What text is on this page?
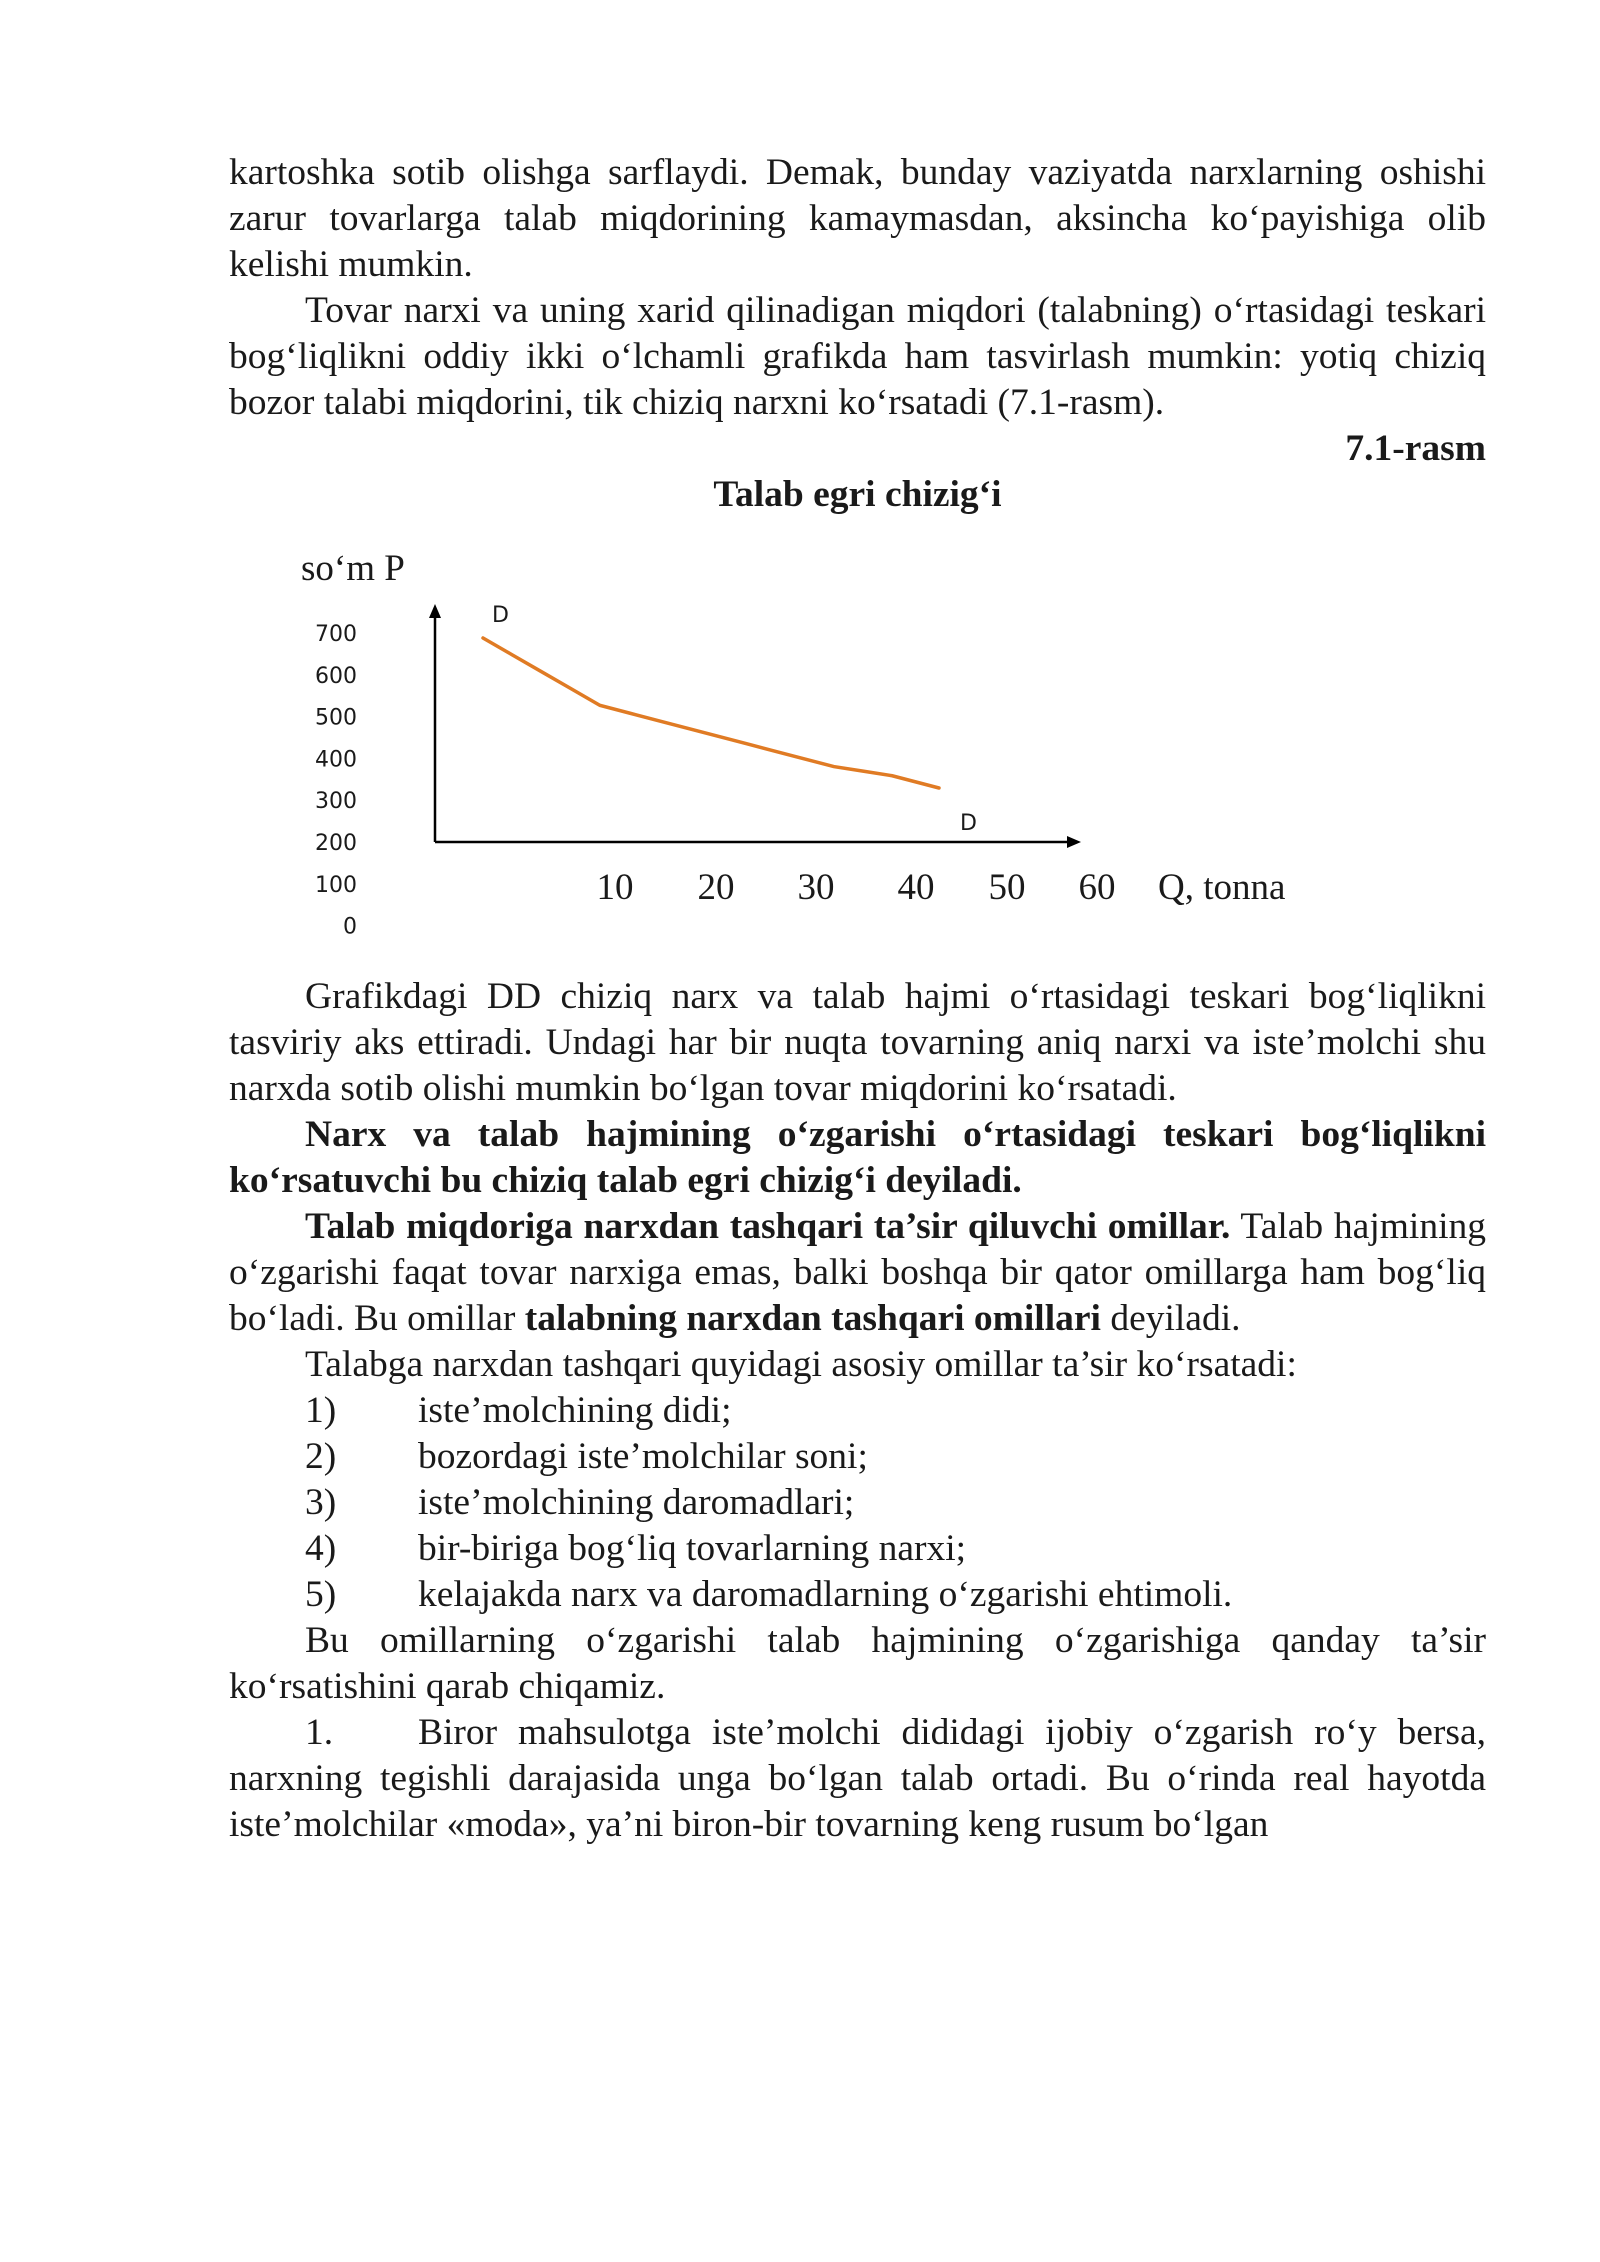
kartoshka sotib olishga sarflaydi. Demak, bunday vaziyatda narxlarning oshishi zarur tovarlarga talab miqdorining kamaymasdan, aksincha ko‘payishiga olib kelishi mumkin.

Tovar narxi va uning xarid qilinadigan miqdori (talabning) o‘rtasidagi teskari bog‘liqlikni oddiy ikki o‘lchamli grafikda ham tasvirlash mumkin: yotiq chiziq bozor talabi miqdorini, tik chiziq narxni ko‘rsatadi (7.1-rasm).

7.1-rasm

Talab egri chizig‘i

so‘m P
Q, tonna
700
600
500
400
300
200
100
0
10 20 30 40 50 60
D
D

Grafikdagi DD chiziq narx va talab hajmi o‘rtasidagi teskari bog‘liqlikni tasviriy aks ettiradi. Undagi har bir nuqta tovarning aniq narxi va iste’molchi shu narxda sotib olishi mumkin bo‘lgan tovar miqdorini ko‘rsatadi.

Narx va talab hajmining o‘zgarishi o‘rtasidagi teskari bog‘liqlikni ko‘rsatuvchi bu chiziq talab egri chizig‘i deyiladi.

Talab miqdoriga narxdan tashqari ta’sir qiluvchi omillar. Talab hajmining o‘zgarishi faqat tovar narxiga emas, balki boshqa bir qator omillarga ham bog‘liq bo‘ladi. Bu omillar talabning narxdan tashqari omillari deyiladi.

Talabga narxdan tashqari quyidagi asosiy omillar ta’sir ko‘rsatadi:

1)	iste’molchining didi;
2)	bozordagi iste’molchilar soni;
3)	iste’molchining daromadlari;
4)	bir-biriga bog‘liq tovarlarning narxi;
5)	kelajakda narx va daromadlarning o‘zgarishi ehtimoli.

Bu omillarning o‘zgarishi talab hajmining o‘zgarishiga qanday ta’sir ko‘rsatishini qarab chiqamiz.

1.	Biror mahsulotga iste’molchi dididagi ijobiy o‘zgarish ro‘y bersa,

narxning tegishli darajasida unga bo‘lgan talab ortadi. Bu o‘rinda real hayotda iste’molchilar «moda», ya’ni biron-bir tovarning keng rusum bo‘lgan
